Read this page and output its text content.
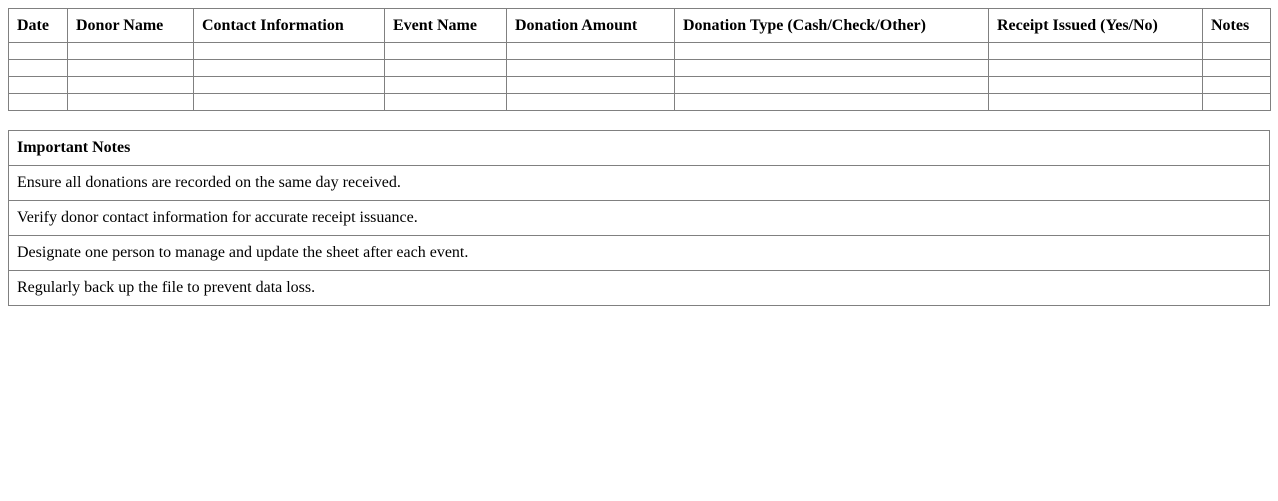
Date	Donor Name	Contact Information	Event Name	Donation Amount	Donation Type (Cash/Check/Other)	Receipt Issued (Yes/No)	Notes

Important Notes
Ensure all donations are recorded on the same day received.
Verify donor contact information for accurate receipt issuance.
Designate one person to manage and update the sheet after each event.
Regularly back up the file to prevent data loss.
